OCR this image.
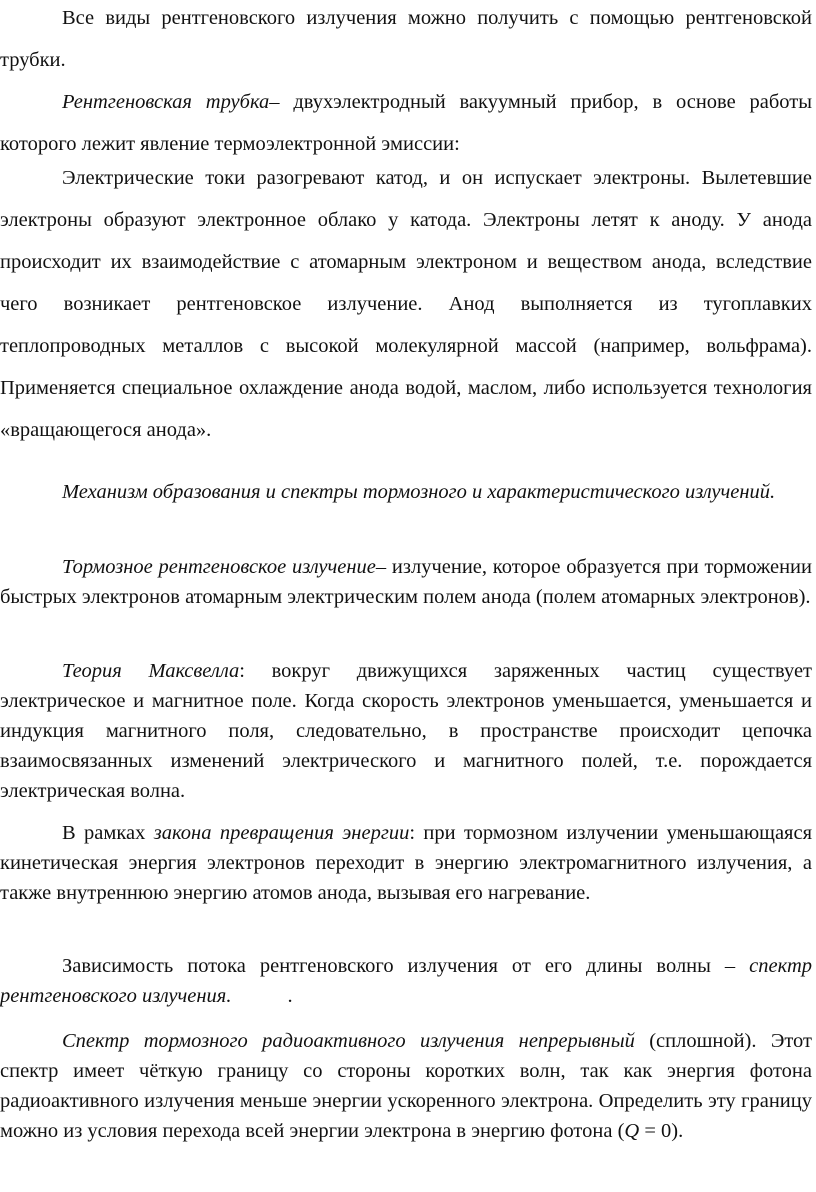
Все виды рентгеновского излучения можно получить с помощью рентгеновской трубки.

Рентгеновская трубка– двухэлектродный вакуумный прибор, в основе работы которого лежит явление термоэлектронной эмиссии:

Электрические токи разогревают катод, и он испускает электроны. Вылетевшие электроны образуют электронное облако у катода. Электроны летят к аноду. У анода происходит их взаимодействие с атомарным электроном и веществом анода, вследствие чего возникает рентгеновское излучение. Анод выполняется из тугоплавких теплопроводных металлов с высокой молекулярной массой (например, вольфрама). Применяется специальное охлаждение анода водой, маслом, либо используется технология «вращающегося анода».

Механизм образования и спектры тормозного и характеристического излучений.

Тормозное рентгеновское излучение– излучение, которое образуется при торможении быстрых электронов атомарным электрическим полем анода (полем атомарных электронов).

Теория Максвелла: вокруг движущихся заряженных частиц существует электрическое и магнитное поле. Когда скорость электронов уменьшается, уменьшается и индукция магнитного поля, следовательно, в пространстве происходит цепочка взаимосвязанных изменений электрического и магнитного полей, т.е. порождается электрическая волна.

В рамках закона превращения энергии: при тормозном излучении уменьшающаяся кинетическая энергия электронов переходит в энергию электромагнитного излучения, а также внутреннюю энергию атомов анода, вызывая его нагревание.

Зависимость потока рентгеновского излучения от его длины волны – спектр рентгеновского излучения.	.

Спектр тормозного радиоактивного излучения непрерывный (сплошной). Этот спектр имеет чёткую границу со стороны коротких волн, так как энергия фотона радиоактивного излучения меньше энергии ускоренного электрона. Определить эту границу можно из условия перехода всей энергии электрона в энергию фотона (Q = 0).
